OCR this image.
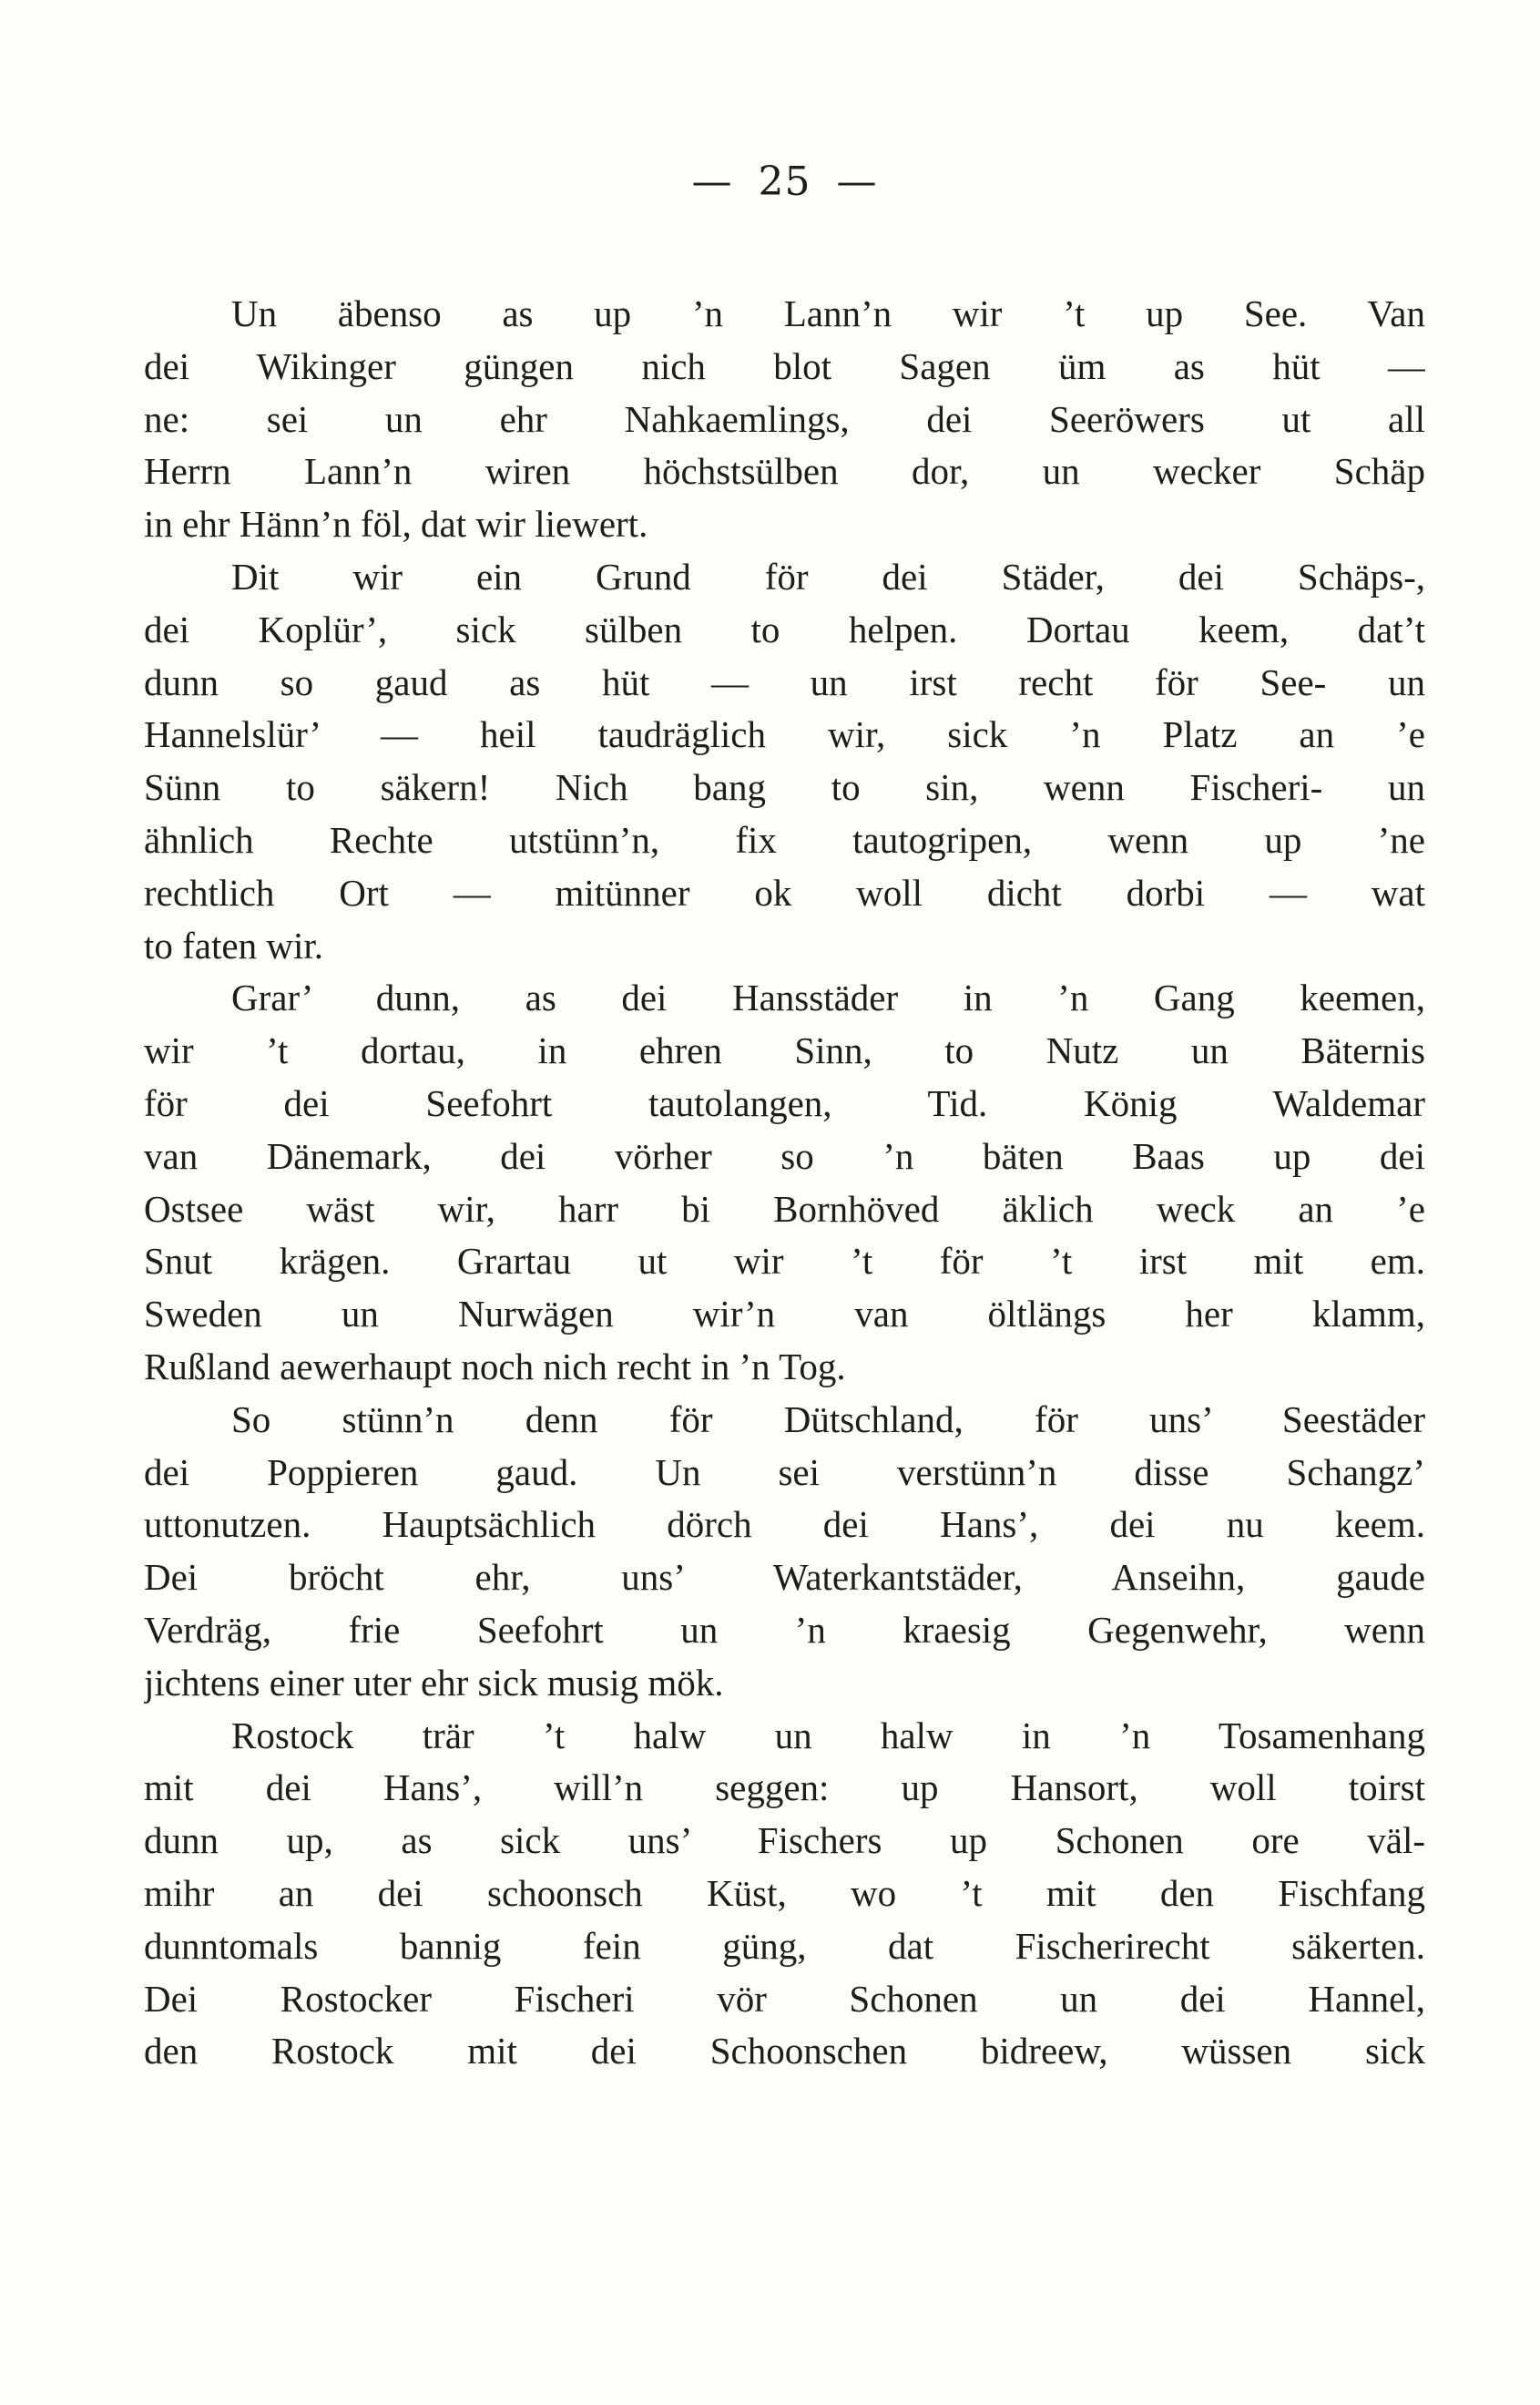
— 25 —
Un äbenso as up ’n Lann’n wir ’t up See. Van
dei Wikinger güngen nich blot Sagen üm as hüt —
ne: sei un ehr Nahkaemlings, dei Seeröwers ut all
Herrn Lann’n wiren höchstsülben dor, un wecker Schäp
in ehr Hänn’n föl, dat wir liewert.
Dit wir ein Grund för dei Städer, dei Schäps-,
dei Koplür’, sick sülben to helpen. Dortau keem, dat’t
dunn so gaud as hüt — un irst recht för See- un
Hannelslür’ — heil taudräglich wir, sick ’n Platz an ’e
Sünn to säkern! Nich bang to sin, wenn Fischeri- un
ähnlich Rechte utstünn’n, fix tautogripen, wenn up ’ne
rechtlich Ort — mitünner ok woll dicht dorbi — wat
to faten wir.
Grar’ dunn, as dei Hansstäder in ’n Gang keemen,
wir ’t dortau, in ehren Sinn, to Nutz un Bäternis
för dei Seefohrt tautolangen, Tid. König Waldemar
van Dänemark, dei vörher so ’n bäten Baas up dei
Ostsee wäst wir, harr bi Bornhöved äklich weck an ’e
Snut krägen. Grartau ut wir ’t för ’t irst mit em.
Sweden un Nurwägen wir’n van öltlängs her klamm,
Rußland aewerhaupt noch nich recht in ’n Tog.
So stünn’n denn för Dütschland, för uns’ Seestäder
dei Poppieren gaud. Un sei verstünn’n disse Schangz’
uttonutzen. Hauptsächlich dörch dei Hans’, dei nu keem.
Dei bröcht ehr, uns’ Waterkantstäder, Anseihn, gaude
Verdräg, frie Seefohrt un ’n kraesig Gegenwehr, wenn
jichtens einer uter ehr sick musig mök.
Rostock trär ’t halw un halw in ’n Tosamenhang
mit dei Hans’, will’n seggen: up Hansort, woll toirst
dunn up, as sick uns’ Fischers up Schonen ore väl-
mihr an dei schoonsch Küst, wo ’t mit den Fischfang
dunntomals bannig fein güng, dat Fischerirecht säkerten.
Dei Rostocker Fischeri vör Schonen un dei Hannel,
den Rostock mit dei Schoonschen bidreew, wüssen sick
